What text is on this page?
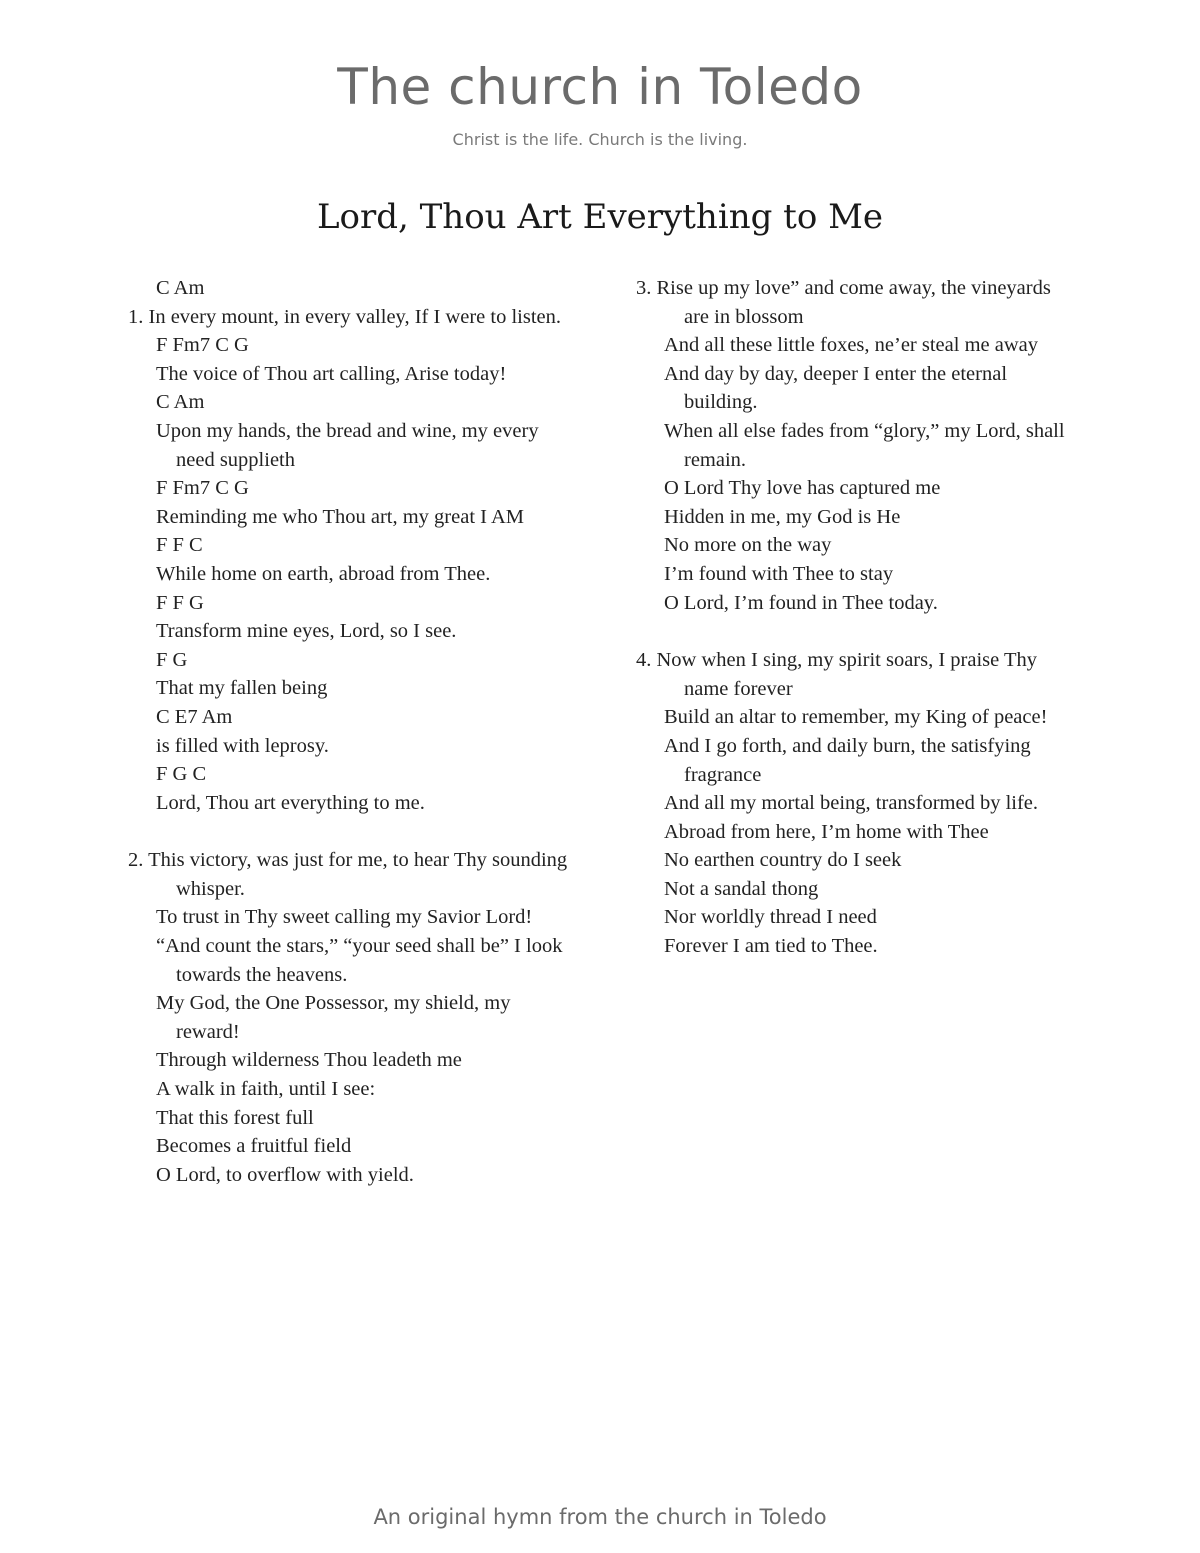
The church in Toledo
Christ is the life. Church is the living.
Lord, Thou Art Everything to Me
C Am
1. In every mount, in every valley, If I were to listen.
F Fm7 C G
The voice of Thou art calling, Arise today!
C Am
Upon my hands, the bread and wine, my every need supplieth
F Fm7 C G
Reminding me who Thou art, my great I AM
F F C
While home on earth, abroad from Thee.
F F G
Transform mine eyes, Lord, so I see.
F G
That my fallen being
C E7 Am
is filled with leprosy.
F G C
Lord, Thou art everything to me.
2. This victory, was just for me, to hear Thy sounding whisper.
To trust in Thy sweet calling my Savior Lord!
“And count the stars,” “your seed shall be” I look towards the heavens.
My God, the One Possessor, my shield, my reward!
Through wilderness Thou leadeth me
A walk in faith, until I see:
That this forest full
Becomes a fruitful field
O Lord, to overflow with yield.
3. Rise up my love” and come away, the vineyards are in blossom
And all these little foxes, ne’er steal me away
And day by day, deeper I enter the eternal building.
When all else fades from “glory,” my Lord, shall remain.
O Lord Thy love has captured me
Hidden in me, my God is He
No more on the way
I’m found with Thee to stay
O Lord, I’m found in Thee today.
4. Now when I sing, my spirit soars, I praise Thy name forever
Build an altar to remember, my King of peace!
And I go forth, and daily burn, the satisfying fragrance
And all my mortal being, transformed by life.
Abroad from here, I’m home with Thee
No earthen country do I seek
Not a sandal thong
Nor worldly thread I need
Forever I am tied to Thee.
An original hymn from the church in Toledo
